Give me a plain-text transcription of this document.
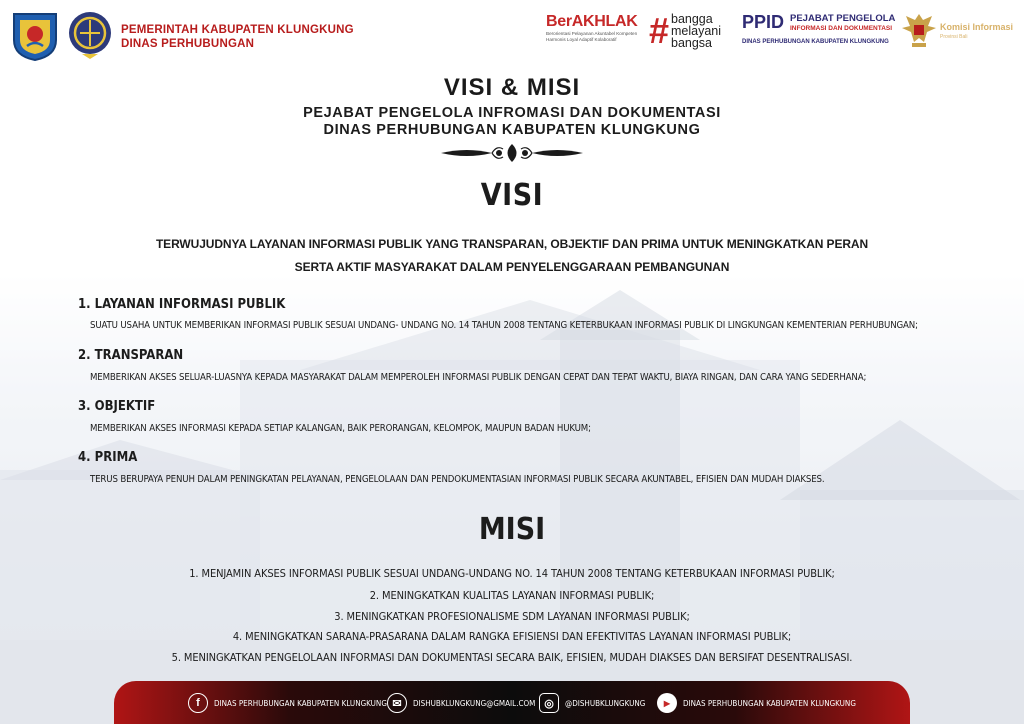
PEMERINTAH KABUPATEN KLUNGKUNG
DINAS PERHUBUNGAN
BerAKHLAK
Berorientasi Pelayanan Akuntabel Kompeten
Harmonis Loyal Adaptif Kolaboratif # bangga
melayani
bangsa
PPID PEJABAT PENGELOLA
INFORMASI DAN DOKUMENTASI
DINAS PERHUBUNGAN KABUPATEN KLUNGKUNG
Komisi Informasi
Provinsi Bali
VISI & MISI
PEJABAT PENGELOLA INFROMASI DAN DOKUMENTASI
DINAS PERHUBUNGAN KABUPATEN KLUNGKUNG
VISI
TERWUJUDNYA LAYANAN INFORMASI PUBLIK YANG TRANSPARAN, OBJEKTIF DAN PRIMA UNTUK MENINGKATKAN PERAN
SERTA AKTIF MASYARAKAT DALAM PENYELENGGARAAN PEMBANGUNAN
1. LAYANAN INFORMASI PUBLIK
SUATU USAHA UNTUK MEMBERIKAN INFORMASI PUBLIK SESUAI UNDANG- UNDANG NO. 14 TAHUN 2008 TENTANG KETERBUKAAN INFORMASI PUBLIK DI LINGKUNGAN KEMENTERIAN PERHUBUNGAN;
2. TRANSPARAN
MEMBERIKAN AKSES SELUAR-LUASNYA KEPADA MASYARAKAT DALAM MEMPEROLEH INFORMASI PUBLIK DENGAN CEPAT DAN TEPAT WAKTU, BIAYA RINGAN, DAN CARA YANG SEDERHANA;
3. OBJEKTIF
MEMBERIKAN AKSES INFORMASI KEPADA SETIAP KALANGAN, BAIK PERORANGAN, KELOMPOK, MAUPUN BADAN HUKUM;
4. PRIMA
TERUS BERUPAYA PENUH DALAM PENINGKATAN PELAYANAN, PENGELOLAAN DAN PENDOKUMENTASIAN INFORMASI PUBLIK SECARA AKUNTABEL, EFISIEN DAN MUDAH DIAKSES.
MISI
1. MENJAMIN AKSES INFORMASI PUBLIK SESUAI UNDANG-UNDANG NO. 14 TAHUN 2008 TENTANG KETERBUKAAN INFORMASI PUBLIK;
2. MENINGKATKAN KUALITAS LAYANAN INFORMASI PUBLIK;
3. MENINGKATKAN PROFESIONALISME SDM LAYANAN INFORMASI PUBLIK;
4. MENINGKATKAN SARANA-PRASARANA DALAM RANGKA EFISIENSI DAN EFEKTIVITAS LAYANAN INFORMASI PUBLIK;
5. MENINGKATKAN PENGELOLAAN INFORMASI DAN DOKUMENTASI SECARA BAIK, EFISIEN, MUDAH DIAKSES DAN BERSIFAT DESENTRALISASI.
f	DINAS PERHUBUNGAN KABUPATEN KLUNGKUNG ✉	DISHUBKLUNGKUNG@GMAIL.COM ◎	@DISHUBKLUNGKUNG	▶	DINAS PERHUBUNGAN KABUPATEN KLUNGKUNG
